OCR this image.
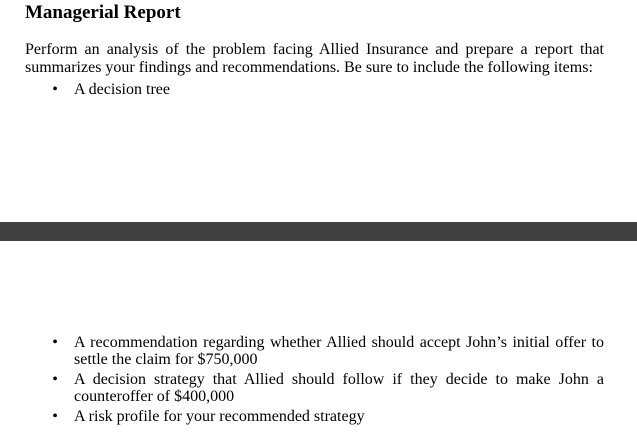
Managerial Report

Perform an analysis of the problem facing Allied Insurance and prepare a report that summarizes your findings and recommendations. Be sure to include the following items:

• A decision tree
• A recommendation regarding whether Allied should accept John’s initial offer to settle the claim for $750,000
• A decision strategy that Allied should follow if they decide to make John a counteroffer of $400,000
• A risk profile for your recommended strategy
